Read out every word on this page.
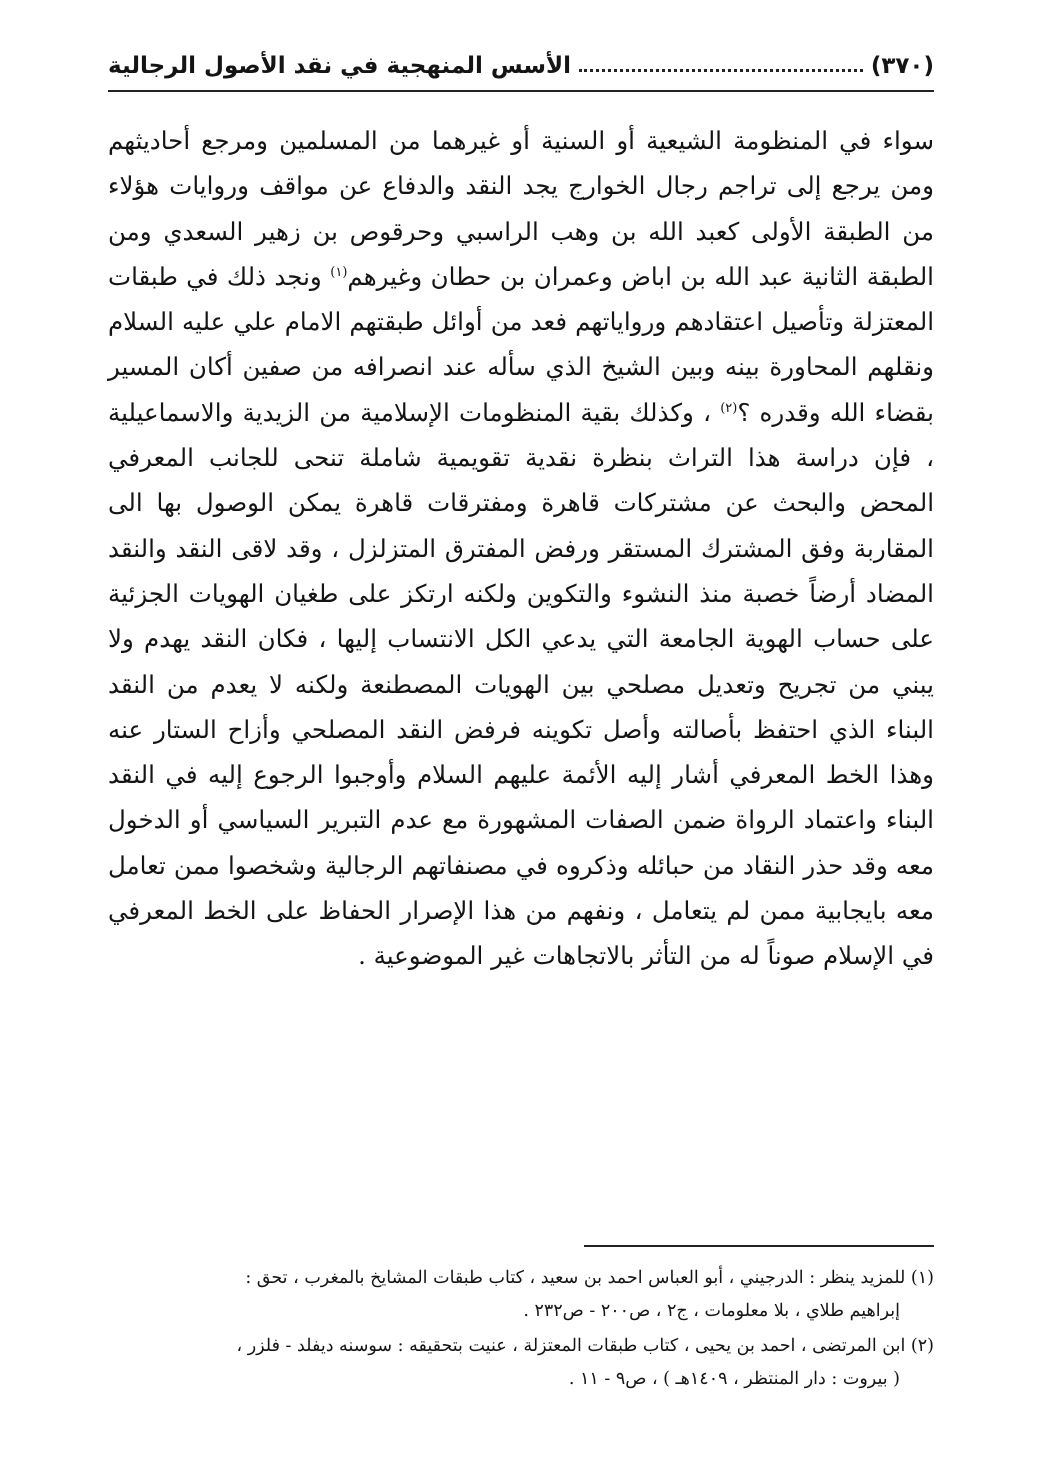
(٣٧٠)
الأسس المنهجية في نقد الأصول الرجالية

سواء في المنظومة الشيعية أو السنية أو غيرهما من المسلمين ومرجع أحاديثهم ومن يرجع إلى تراجم رجال الخوارج يجد النقد والدفاع عن مواقف وروايات هؤلاء من الطبقة الأولى كعبد الله بن وهب الراسبي وحرقوص بن زهير السعدي ومن الطبقة الثانية عبد الله بن اباض وعمران بن حطان وغيرهم$^{(١)}$ ونجد ذلك في طبقات المعتزلة وتأصيل اعتقادهم ورواياتهم فعد من أوائل طبقتهم الامام علي عليه السلام ونقلهم المحاورة بينه وبين الشيخ الذي سأله عند انصرافه من صفين أكان المسير بقضاء الله وقدره ؟$^{(٢)}$ ، وكذلك بقية المنظومات الإسلامية من الزيدية والاسماعيلية ، فإن دراسة هذا التراث بنظرة نقدية تقويمية شاملة تنحى للجانب المعرفي المحض والبحث عن مشتركات قاهرة ومفترقات قاهرة يمكن الوصول بها الى المقاربة وفق المشترك المستقر ورفض المفترق المتزلزل ، وقد لاقى النقد والنقد المضاد أرضاً خصبة منذ النشوء والتكوين ولكنه ارتكز على طغيان الهويات الجزئية على حساب الهوية الجامعة التي يدعي الكل الانتساب إليها ، فكان النقد يهدم ولا يبني من تجريح وتعديل مصلحي بين الهويات المصطنعة ولكنه لا يعدم من النقد البناء الذي احتفظ بأصالته وأصل تكوينه فرفض النقد المصلحي وأزاح الستار عنه وهذا الخط المعرفي أشار إليه الأئمة عليهم السلام وأوجبوا الرجوع إليه في النقد البناء واعتماد الرواة ضمن الصفات المشهورة مع عدم التبرير السياسي أو الدخول معه وقد حذر النقاد من حبائله وذكروه في مصنفاتهم الرجالية وشخصوا ممن تعامل معه بايجابية ممن لم يتعامل ، ونفهم من هذا الإصرار الحفاظ على الخط المعرفي في الإسلام صوناً له من التأثر بالاتجاهات غير الموضوعية .

(١) للمزيد ينظر : الدرجيني ، أبو العباس احمد بن سعيد ، كتاب طبقات المشايخ بالمغرب ، تحق :
إبراهيم طلاي ، بلا معلومات ، ج٢ ، ص٢٠٠ - ص٢٣٢ .

(٢) ابن المرتضى ، احمد بن يحيى ، كتاب طبقات المعتزلة ، عنيت بتحقيقه : سوسنه ديفلد - فلزر ،
( بيروت : دار المنتظر ، ١٤٠٩هـ ) ، ص٩ - ١١ .
